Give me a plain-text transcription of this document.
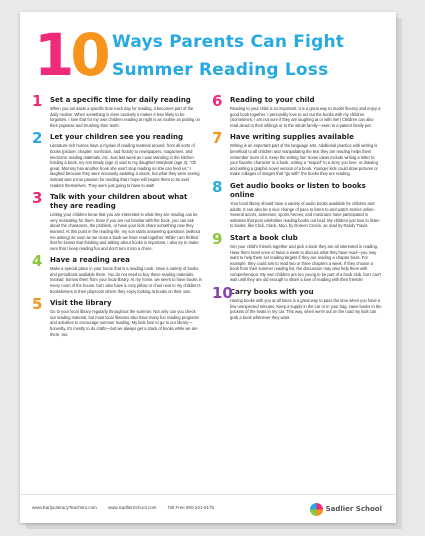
10 Ways Parents Can Fight Summer Reading Loss
1 Set a specific time for daily reading
When you set aside a specific time each day for reading, it becomes part of the daily routine. When something is done routinely it makes it less likely to be forgotten. I love that for my own children reading at night is as routine as putting on their pajamas and brushing their teeth.
2 Let your children see you reading
Literature-rich homes have a myriad of reading material around, from all sorts of books (picture, chapter, nonfiction, and fiction) to newspapers, magazines, and electronic reading materials, etc. Just last week as I was standing in the kitchen holding a book, my son Brady (age 4) said to my daughter Marykate (age 3), "Oh great, Mommy has another book she won't stop reading so she can feed us." I laughed because they were anxiously awaiting a snack, but what they were seeing instead was a true passion for reading that I hope will inspire them to be avid readers themselves. They were just going to have to wait!
3 Talk with your children about what they are reading
Letting your children know that you are interested in what they are reading can be very motivating for them. Even if you are not familiar with the book, you can ask about the characters, the problem, or have your kids share something new they learned. At this point in the reading life, my son starts answering questions (without me asking) as soon as we close a book we have read together. While I am thrilled that he knows that thinking and talking about books is important, I also try to make sure that I keep reading fun and don't turn it into a chore.
4 Have a reading area
Make a special place in your home that is a reading nook. Have a variety of books and periodicals available there. You do not need to buy these reading materials. Instead, borrow them from your local library. At my home, we seem to have books in every room of the house, but I also have a cozy pillow or chair next to my children's bookshelves in their playroom where they enjoy looking at books on their own.
5 Visit the library
Go to your local library regularly throughout the summer. Not only can you check out reading material, but most local libraries also have many fun reading programs and activities to encourage summer reading. My kids love to go to our library—honestly, it's mostly to do crafts—but we always get a stack of books while we are there, too.
6 Reading to your child
Reading to your child is so important. It is a great way to model fluency and enjoy a good book together. I personally love to act out the books with my children. (Sometimes, I am not sure if they are laughing at or with me!) Children can also read aloud to their siblings or to the whole family—even to a patient family pet.
7 Have writing supplies available
Writing is an important part of the language arts. Additional practice with writing is beneficial to all children and manipulating the text they are reading helps them remember more of it. Keep the writing fun! Some ideas include writing a letter to your favorite character in a book, writing a "sequel" to a story you love, or drawing and writing a graphic novel version of a book. Younger kids could draw pictures or make collages of images that "go with" the books they are reading.
8 Get audio books or listen to books online
Your local library should have a variety of audio books available for children and adults. It can also be a nice change of pace to listen to and watch stories online. Several actors, actresses, sports heroes, and musicians have participated in websites that post celebrities reading books out loud. My children just love to listen to books, like Click, Clack, Moo, by Doreen Cronin, as read by Randy Travis.
9 Start a book club
Get your child's friends together and pick a book they are all interested in reading. Have them meet once or twice a week to discuss what they have read—you may want to help them set reading targets if they are reading a chapter book. For example, they could aim to read two or three chapters a week. If they choose a book from their summer reading list, the discussion may also help them with comprehension. My own children are too young to be part of a book club, but I can't wait until they are old enough to share a love of reading with their friends!
10
Carry books with you
Having books with you at all times is a great way to pass the time when you have a few unexpected minutes. Keep a supply in the car or in your bag. Have books in the pockets of the seats in my car. This way, when we're out on the road my kids can grab a book whenever they want.
www.EarlyLiteracyTeachers.com	www.SadlierSchool.com Toll Free 800-221-5175	Sadlier School
